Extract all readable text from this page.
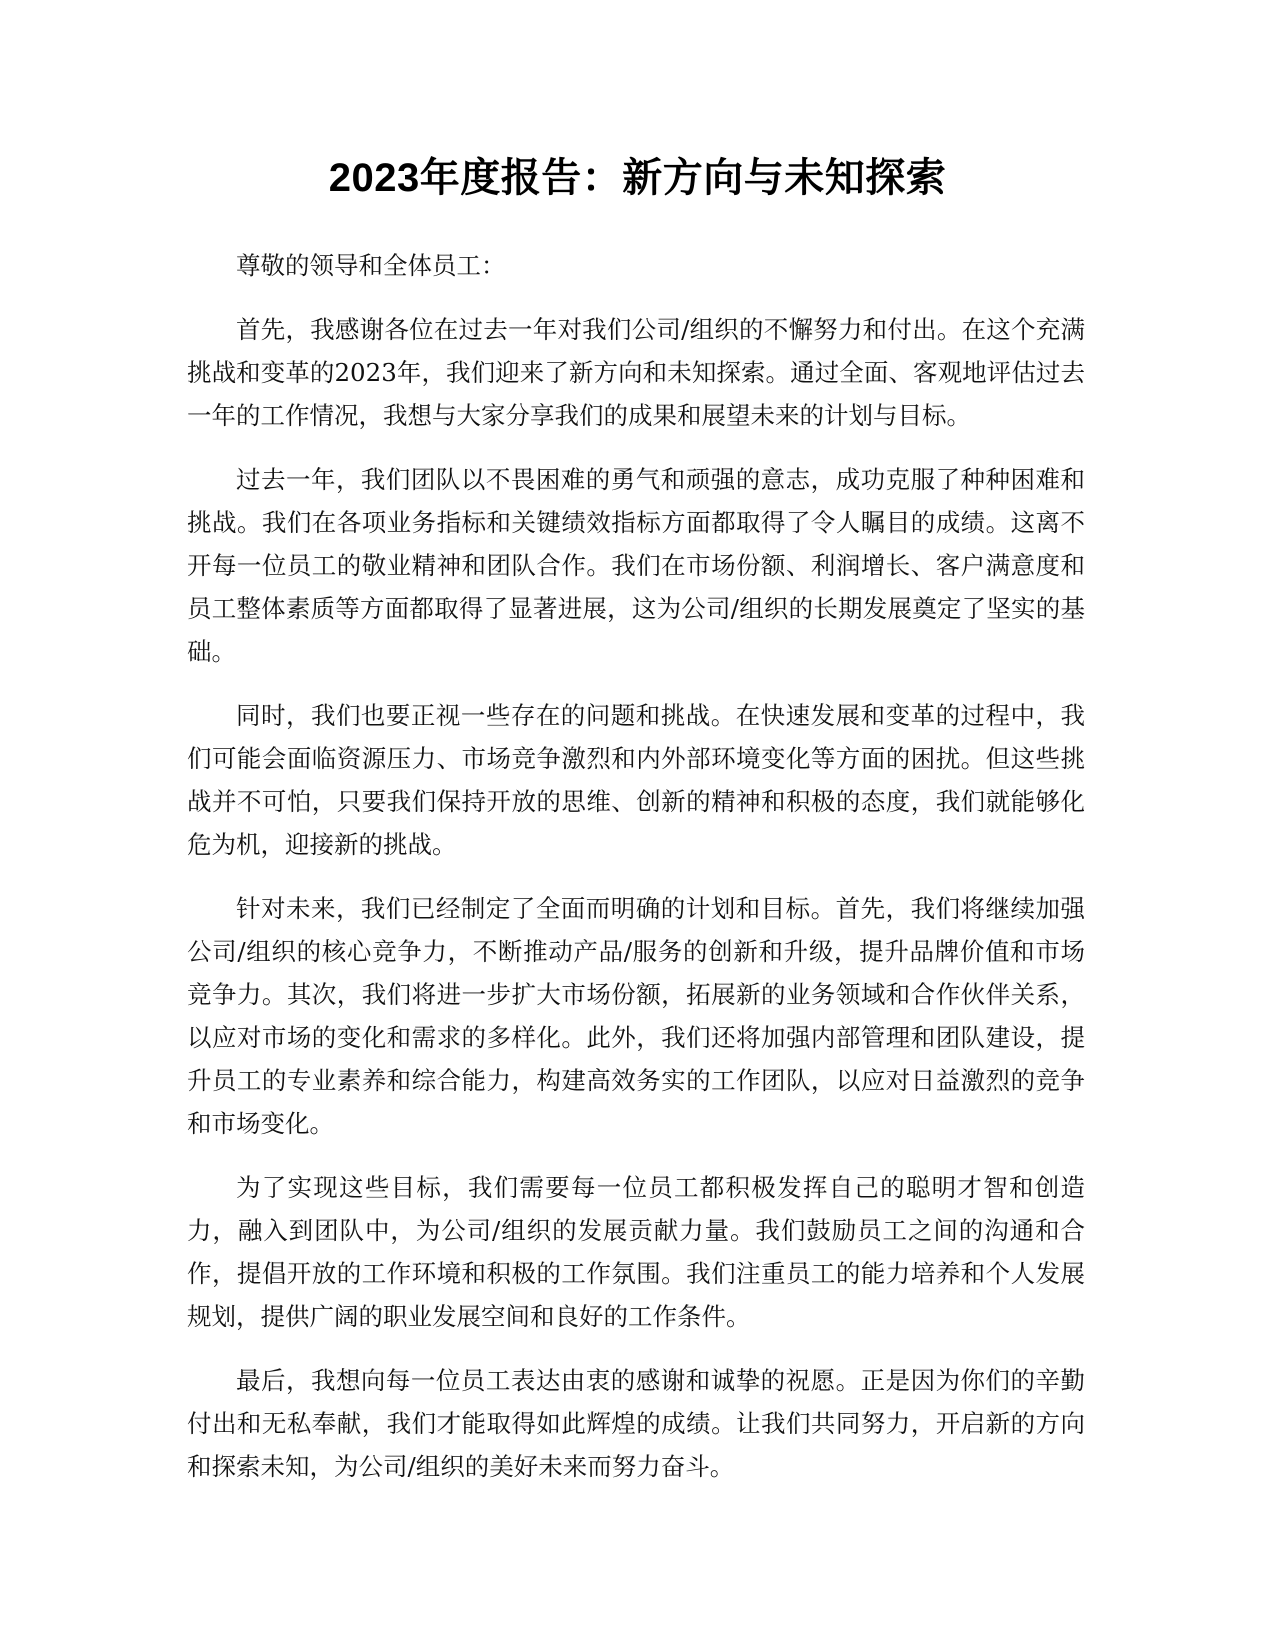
2023年度报告：新方向与未知探索

尊敬的领导和全体员工：

首先，我感谢各位在过去一年对我们公司/组织的不懈努力和付出。在这个充满挑战和变革的2023年，我们迎来了新方向和未知探索。通过全面、客观地评估过去一年的工作情况，我想与大家分享我们的成果和展望未来的计划与目标。

过去一年，我们团队以不畏困难的勇气和顽强的意志，成功克服了种种困难和挑战。我们在各项业务指标和关键绩效指标方面都取得了令人瞩目的成绩。这离不开每一位员工的敬业精神和团队合作。我们在市场份额、利润增长、客户满意度和员工整体素质等方面都取得了显著进展，这为公司/组织的长期发展奠定了坚实的基础。

同时，我们也要正视一些存在的问题和挑战。在快速发展和变革的过程中，我们可能会面临资源压力、市场竞争激烈和内外部环境变化等方面的困扰。但这些挑战并不可怕，只要我们保持开放的思维、创新的精神和积极的态度，我们就能够化危为机，迎接新的挑战。

针对未来，我们已经制定了全面而明确的计划和目标。首先，我们将继续加强公司/组织的核心竞争力，不断推动产品/服务的创新和升级，提升品牌价值和市场竞争力。其次，我们将进一步扩大市场份额，拓展新的业务领域和合作伙伴关系，以应对市场的变化和需求的多样化。此外，我们还将加强内部管理和团队建设，提升员工的专业素养和综合能力，构建高效务实的工作团队，以应对日益激烈的竞争和市场变化。

为了实现这些目标，我们需要每一位员工都积极发挥自己的聪明才智和创造力，融入到团队中，为公司/组织的发展贡献力量。我们鼓励员工之间的沟通和合作，提倡开放的工作环境和积极的工作氛围。我们注重员工的能力培养和个人发展规划，提供广阔的职业发展空间和良好的工作条件。

最后，我想向每一位员工表达由衷的感谢和诚挚的祝愿。正是因为你们的辛勤付出和无私奉献，我们才能取得如此辉煌的成绩。让我们共同努力，开启新的方向和探索未知，为公司/组织的美好未来而努力奋斗。
